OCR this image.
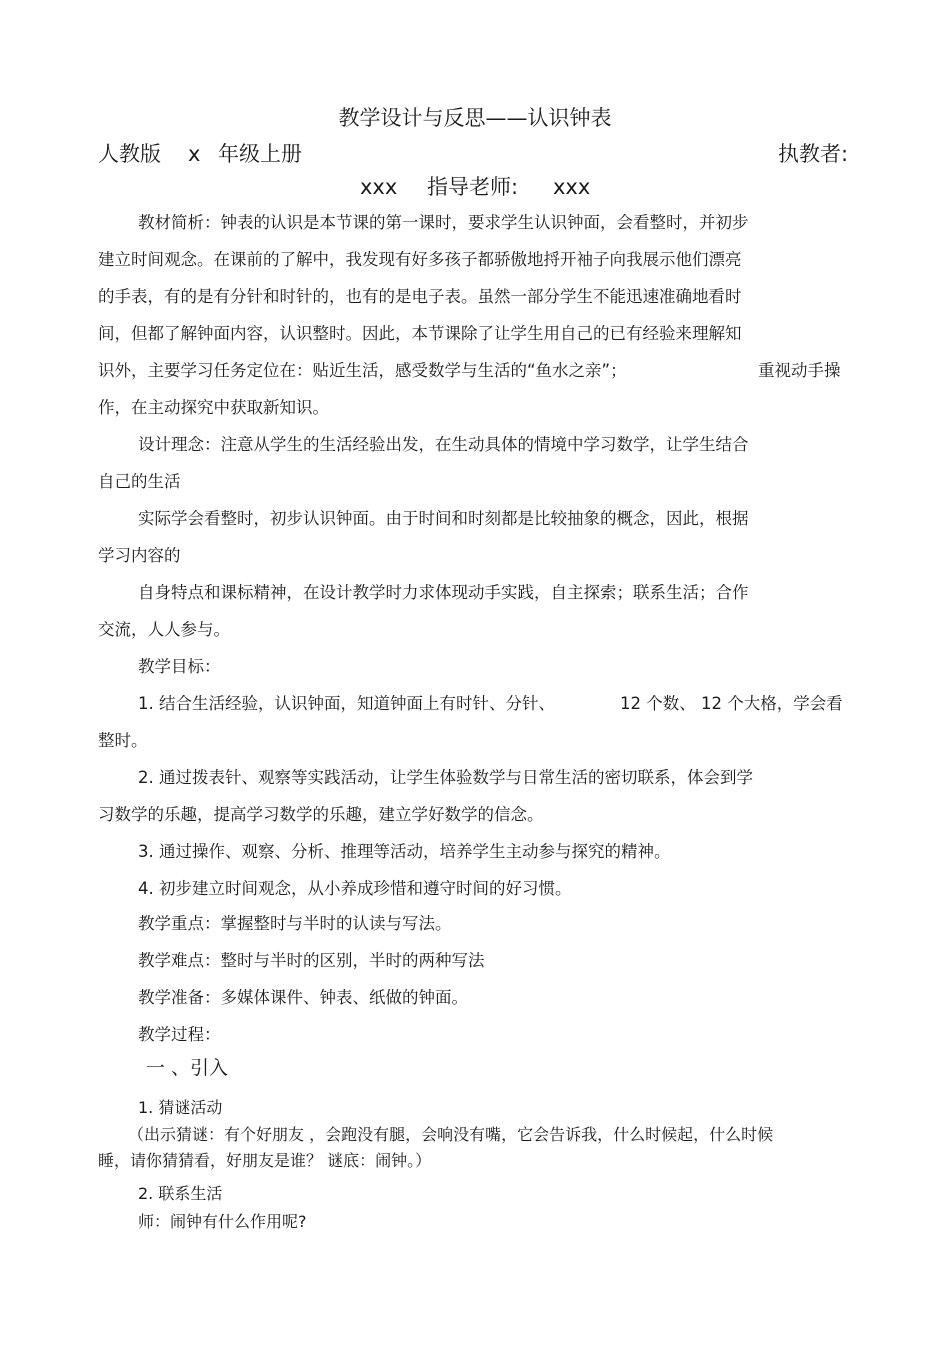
教学设计与反思——认识钟表
人教版 x 年级上册	执教者:
xxx 指导老师: xxx
教材简析：钟表的认识是本节课的第一课时，要求学生认识钟面，会看整时，并初步
建立时间观念。在课前的了解中，我发现有好多孩子都骄傲地捋开袖子向我展示他们漂亮
的手表，有的是有分针和时针的，也有的是电子表。虽然一部分学生不能迅速准确地看时
间，但都了解钟面内容，认识整时。因此，本节课除了让学生用自己的已有经验来理解知
识外，主要学习任务定位在：贴近生活，感受数学与生活的“鱼水之亲”；	重视动手操
作，在主动探究中获取新知识。
设计理念：注意从学生的生活经验出发，在生动具体的情境中学习数学，让学生结合
自己的生活
实际学会看整时，初步认识钟面。由于时间和时刻都是比较抽象的概念，因此，根据
学习内容的
自身特点和课标精神，在设计教学时力求体现动手实践，自主探索；联系生活；合作
交流，人人参与。
教学目标：
1. 结合生活经验，认识钟面，知道钟面上有时针、分针、	12 个数、 12 个大格，学会看
整时。
2. 通过拨表针、观察等实践活动，让学生体验数学与日常生活的密切联系，体会到学
习数学的乐趣，提高学习数学的乐趣，建立学好数学的信念。
3. 通过操作、观察、分析、推理等活动，培养学生主动参与探究的精神。
4. 初步建立时间观念，从小养成珍惜和遵守时间的好习惯。
教学重点：掌握整时与半时的认读与写法。
教学难点：整时与半时的区别，半时的两种写法
教学准备：多媒体课件、钟表、纸做的钟面。
教学过程：
一 、引入
1. 猜谜活动
（出示猜谜：有个好朋友 ，会跑没有腿，会响没有嘴，它会告诉我，什么时候起，什么时候
睡，请你猜猜看，好朋友是谁？ 谜底：闹钟。）
2. 联系生活
师：闹钟有什么作用呢?
